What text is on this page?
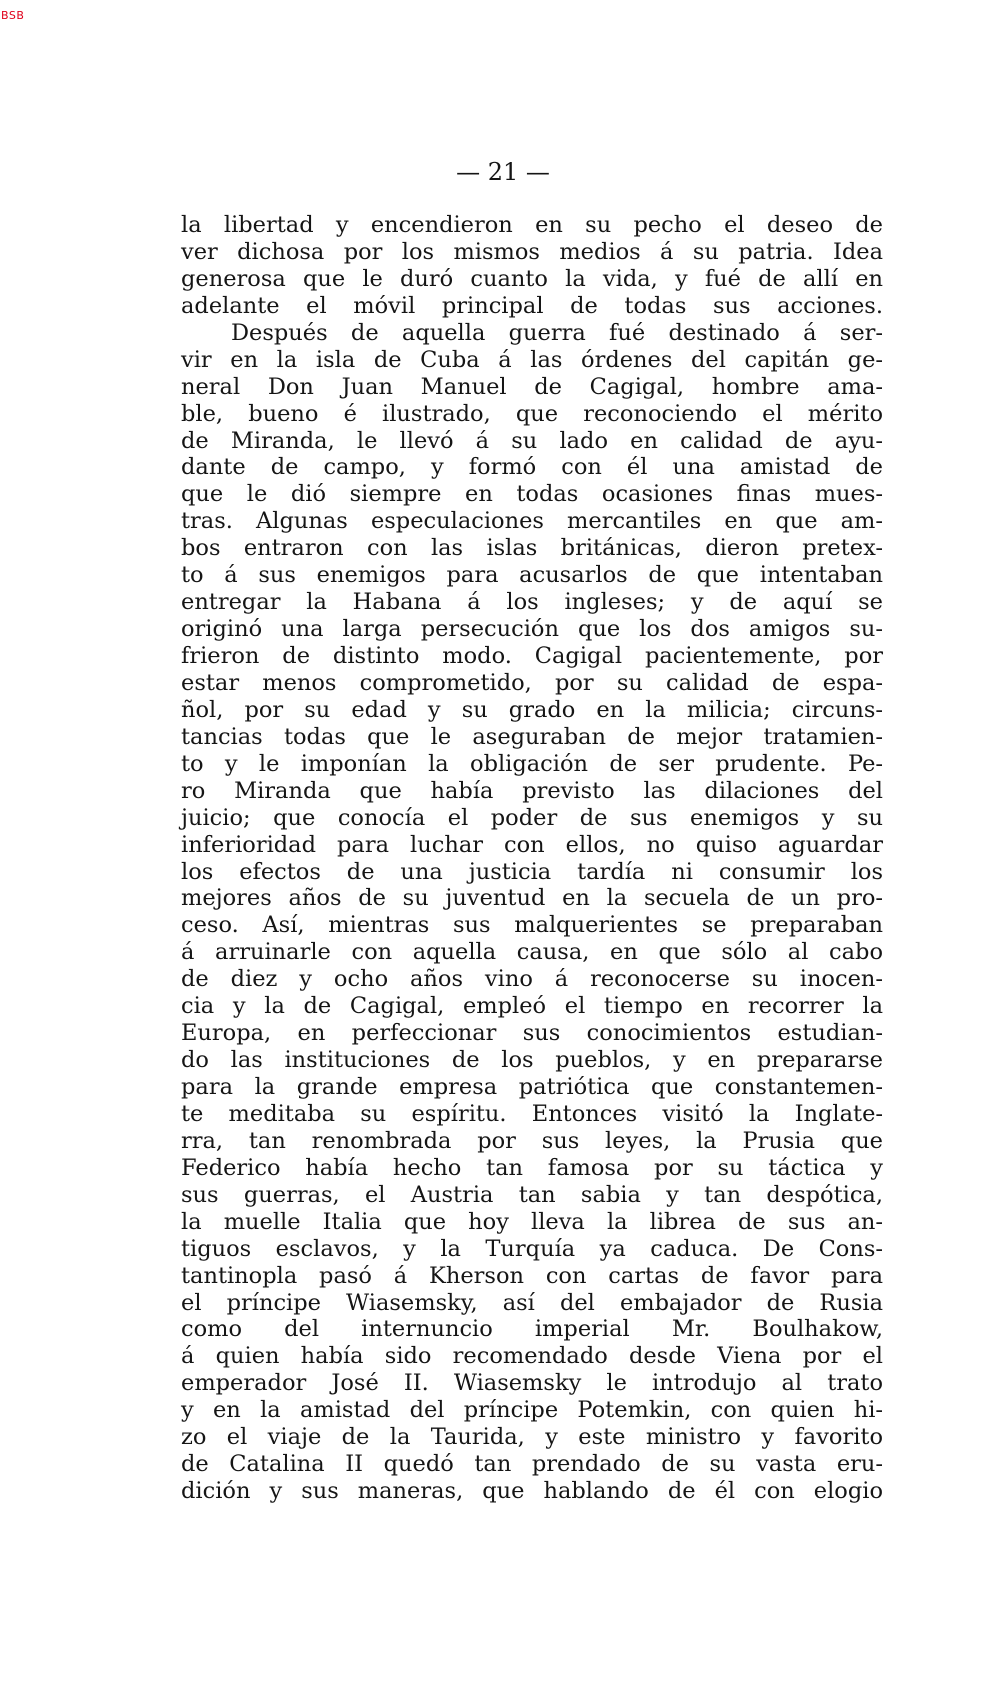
BSB
— 21 —
la libertad y encendieron en su pecho el deseo de
ver dichosa por los mismos medios á su patria. Idea
generosa que le duró cuanto la vida, y fué de allí en
adelante el móvil principal de todas sus acciones.
Después de aquella guerra fué destinado á ser-
vir en la isla de Cuba á las órdenes del capitán ge-
neral Don Juan Manuel de Cagigal, hombre ama-
ble, bueno é ilustrado, que reconociendo el mérito
de Miranda, le llevó á su lado en calidad de ayu-
dante de campo, y formó con él una amistad de
que le dió siempre en todas ocasiones finas mues-
tras. Algunas especulaciones mercantiles en que am-
bos entraron con las islas británicas, dieron pretex-
to á sus enemigos para acusarlos de que intentaban
entregar la Habana á los ingleses; y de aquí se
originó una larga persecución que los dos amigos su-
frieron de distinto modo. Cagigal pacientemente, por
estar menos comprometido, por su calidad de espa-
ñol, por su edad y su grado en la milicia; circuns-
tancias todas que le aseguraban de mejor tratamien-
to y le imponían la obligación de ser prudente. Pe-
ro Miranda que había previsto las dilaciones del
juicio; que conocía el poder de sus enemigos y su
inferioridad para luchar con ellos, no quiso aguardar
los efectos de una justicia tardía ni consumir los
mejores años de su juventud en la secuela de un pro-
ceso. Así, mientras sus malquerientes se preparaban
á arruinarle con aquella causa, en que sólo al cabo
de diez y ocho años vino á reconocerse su inocen-
cia y la de Cagigal, empleó el tiempo en recorrer la
Europa, en perfeccionar sus conocimientos estudian-
do las instituciones de los pueblos, y en prepararse
para la grande empresa patriótica que constantemen-
te meditaba su espíritu. Entonces visitó la Inglate-
rra, tan renombrada por sus leyes, la Prusia que
Federico había hecho tan famosa por su táctica y
sus guerras, el Austria tan sabia y tan despótica,
la muelle Italia que hoy lleva la librea de sus an-
tiguos esclavos, y la Turquía ya caduca. De Cons-
tantinopla pasó á Kherson con cartas de favor para
el príncipe Wiasemsky, así del embajador de Rusia
como del internuncio imperial Mr. Boulhakow,
á quien había sido recomendado desde Viena por el
emperador José II. Wiasemsky le introdujo al trato
y en la amistad del príncipe Potemkin, con quien hi-
zo el viaje de la Taurida, y este ministro y favorito
de Catalina II quedó tan prendado de su vasta eru-
dición y sus maneras, que hablando de él con elogio
